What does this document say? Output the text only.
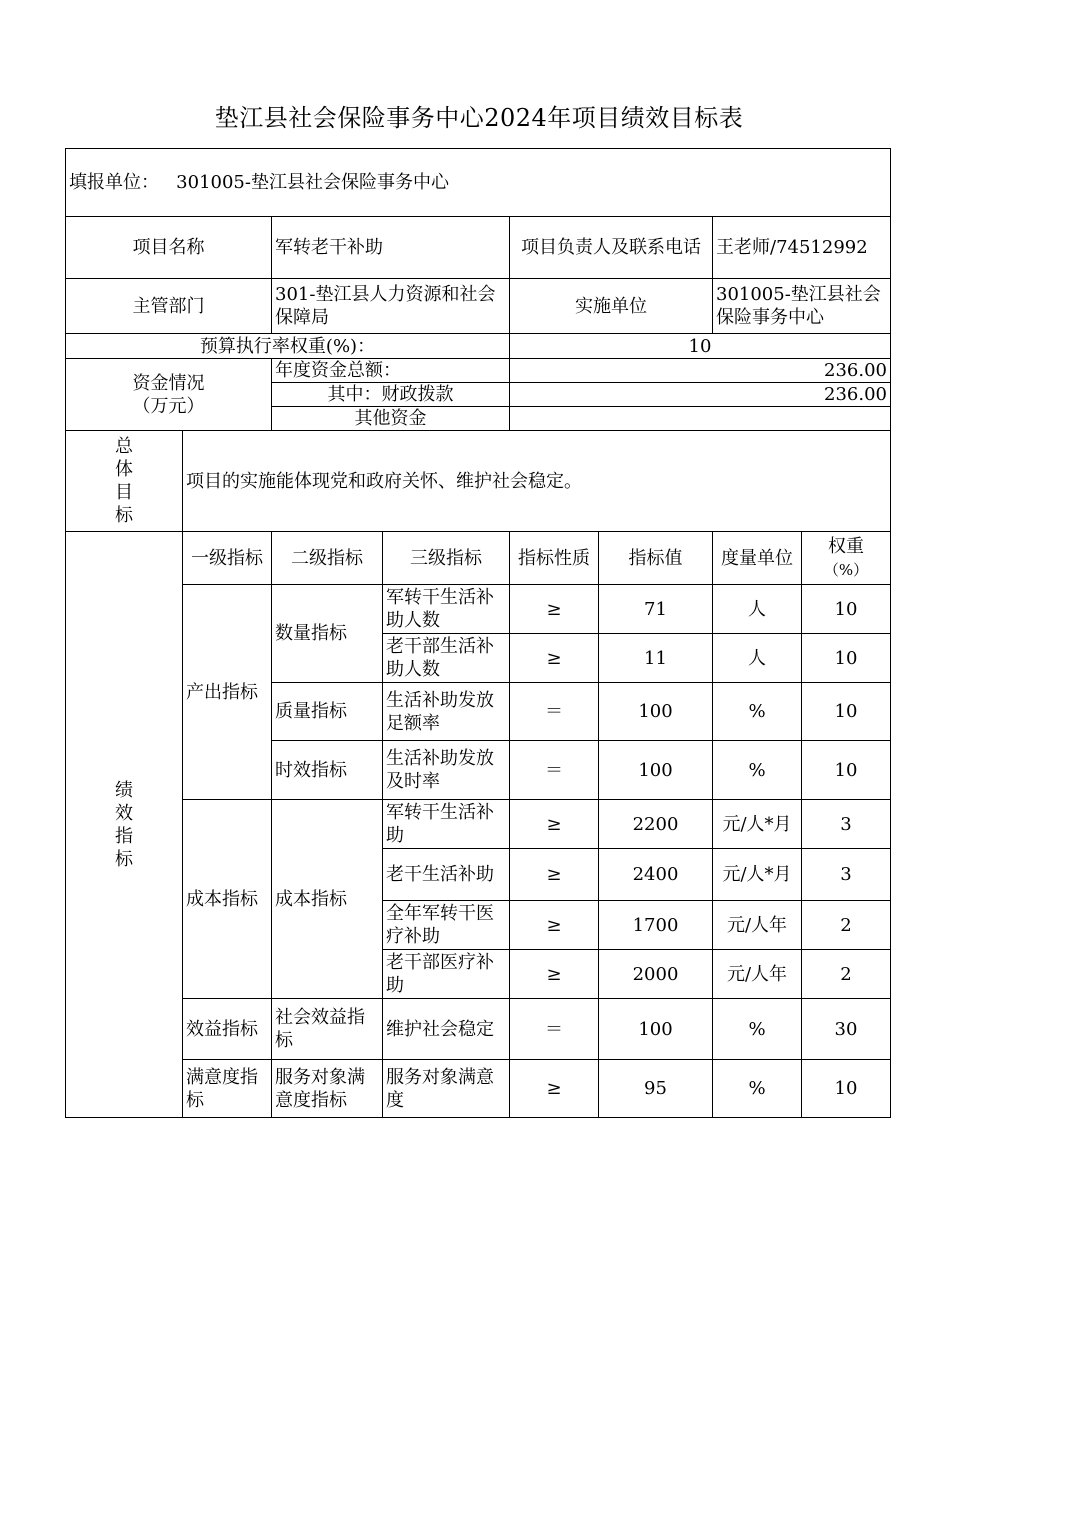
垫江县社会保险事务中心2024年项目绩效目标表
填报单位： 301005-垫江县社会保险事务中心							
项目名称		军转老干补助		项目负责人及联系电话		王老师/74512992	
主管部门		301-垫江县人力资源和社会保障局		实施单位		301005-垫江县社会保险事务中心	
预算执行率权重(%)：				10			
资金情况
（万元）		年度资金总额：		236.00			
		其中：财政拨款		236.00			
		其他资金					

总
体
目
标	项目的实施能体现党和政府关怀、维护社会稳定。						

绩
效
指
标	一级指标	二级指标	三级指标	指标性质	指标值	度量单位	权重
（%）
	产出指标	数量指标	军转干生活补助人数	≥	71	人	10
			老干部生活补助人数	≥	11	人	10
		质量指标	生活补助发放足额率	＝	100	%	10
		时效指标	生活补助发放及时率	＝	100	%	10
	成本指标	成本指标	军转干生活补助	≥	2200	元/人*月	3
			老干生活补助	≥	2400	元/人*月	3
			全年军转干医疗补助	≥	1700	元/人年	2
			老干部医疗补助	≥	2000	元/人年	2
	效益指标	社会效益指标	维护社会稳定	＝	100	%	30
	满意度指标	服务对象满意度指标	服务对象满意度	≥	95	%	10
